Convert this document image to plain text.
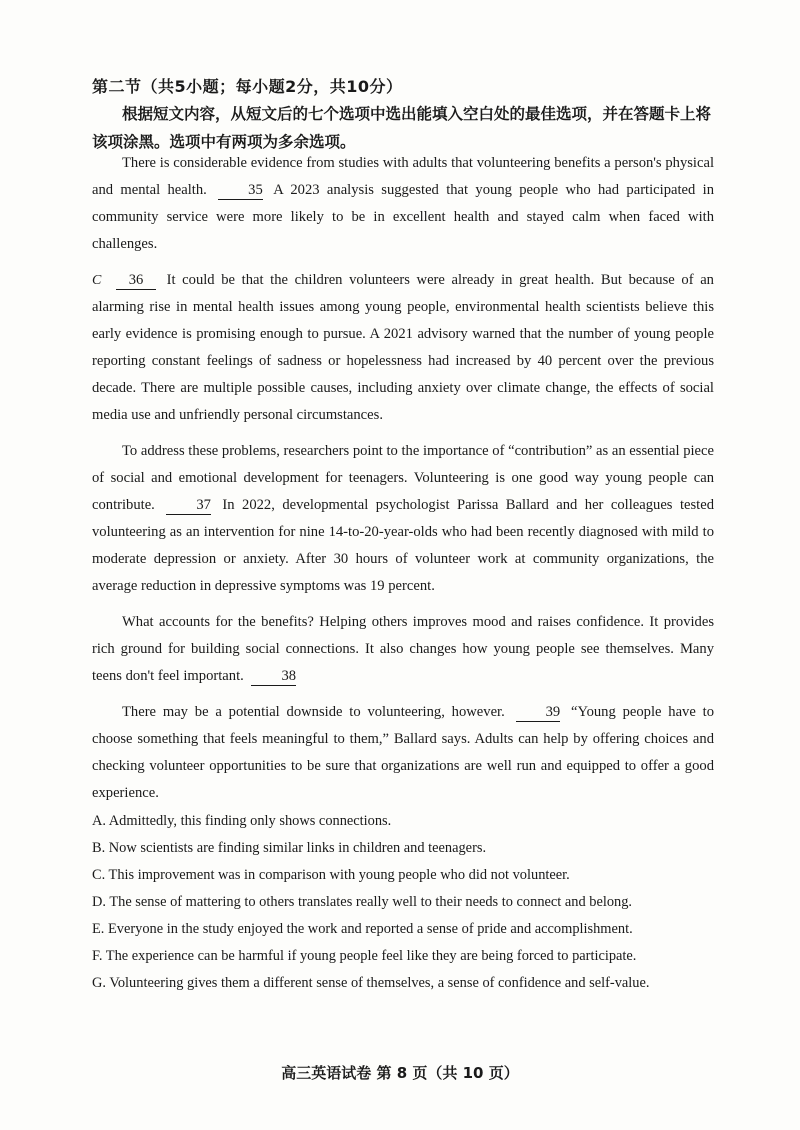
第二节（共5小题；每小题2分，共10分）
根据短文内容，从短文后的七个选项中选出能填入空白处的最佳选项，并在答题卡上将该项涂黑。选项中有两项为多余选项。

There is considerable evidence from studies with adults that volunteering benefits a person's physical and mental health.	35 A 2023 analysis suggested that young people who had participated in community service were more likely to be in excellent health and stayed calm when faced with challenges.

C 36 It could be that the children volunteers were already in great health. But because of an alarming rise in mental health issues among young people, environmental health scientists believe this early evidence is promising enough to pursue. A 2021 advisory warned that the number of young people reporting constant feelings of sadness or hopelessness had increased by 40 percent over the previous decade. There are multiple possible causes, including anxiety over climate change, the effects of social media use and unfriendly personal circumstances.

To address these problems, researchers point to the importance of “contribution” as an essential piece of social and emotional development for teenagers. Volunteering is one good way young people can contribute.	37 In 2022, developmental psychologist Parissa Ballard and her colleagues tested volunteering as an intervention for nine 14-to-20-year-olds who had been recently diagnosed with mild to moderate depression or anxiety. After 30 hours of volunteer work at community organizations, the average reduction in depressive symptoms was 19 percent.

What accounts for the benefits? Helping others improves mood and raises confidence. It provides rich ground for building social connections. It also changes how young people see themselves. Many teens don't feel important.	38

There may be a potential downside to volunteering, however.	39 “Young people have to choose something that feels meaningful to them,” Ballard says. Adults can help by offering choices and checking volunteer opportunities to be sure that organizations are well run and equipped to offer a good experience.

A. Admittedly, this finding only shows connections.
B. Now scientists are finding similar links in children and teenagers.
C. This improvement was in comparison with young people who did not volunteer.
D. The sense of mattering to others translates really well to their needs to connect and belong.
E. Everyone in the study enjoyed the work and reported a sense of pride and accomplishment.
F. The experience can be harmful if young people feel like they are being forced to participate.
G. Volunteering gives them a different sense of themselves, a sense of confidence and self-value.
高三英语试卷 第 8 页（共 10 页）
